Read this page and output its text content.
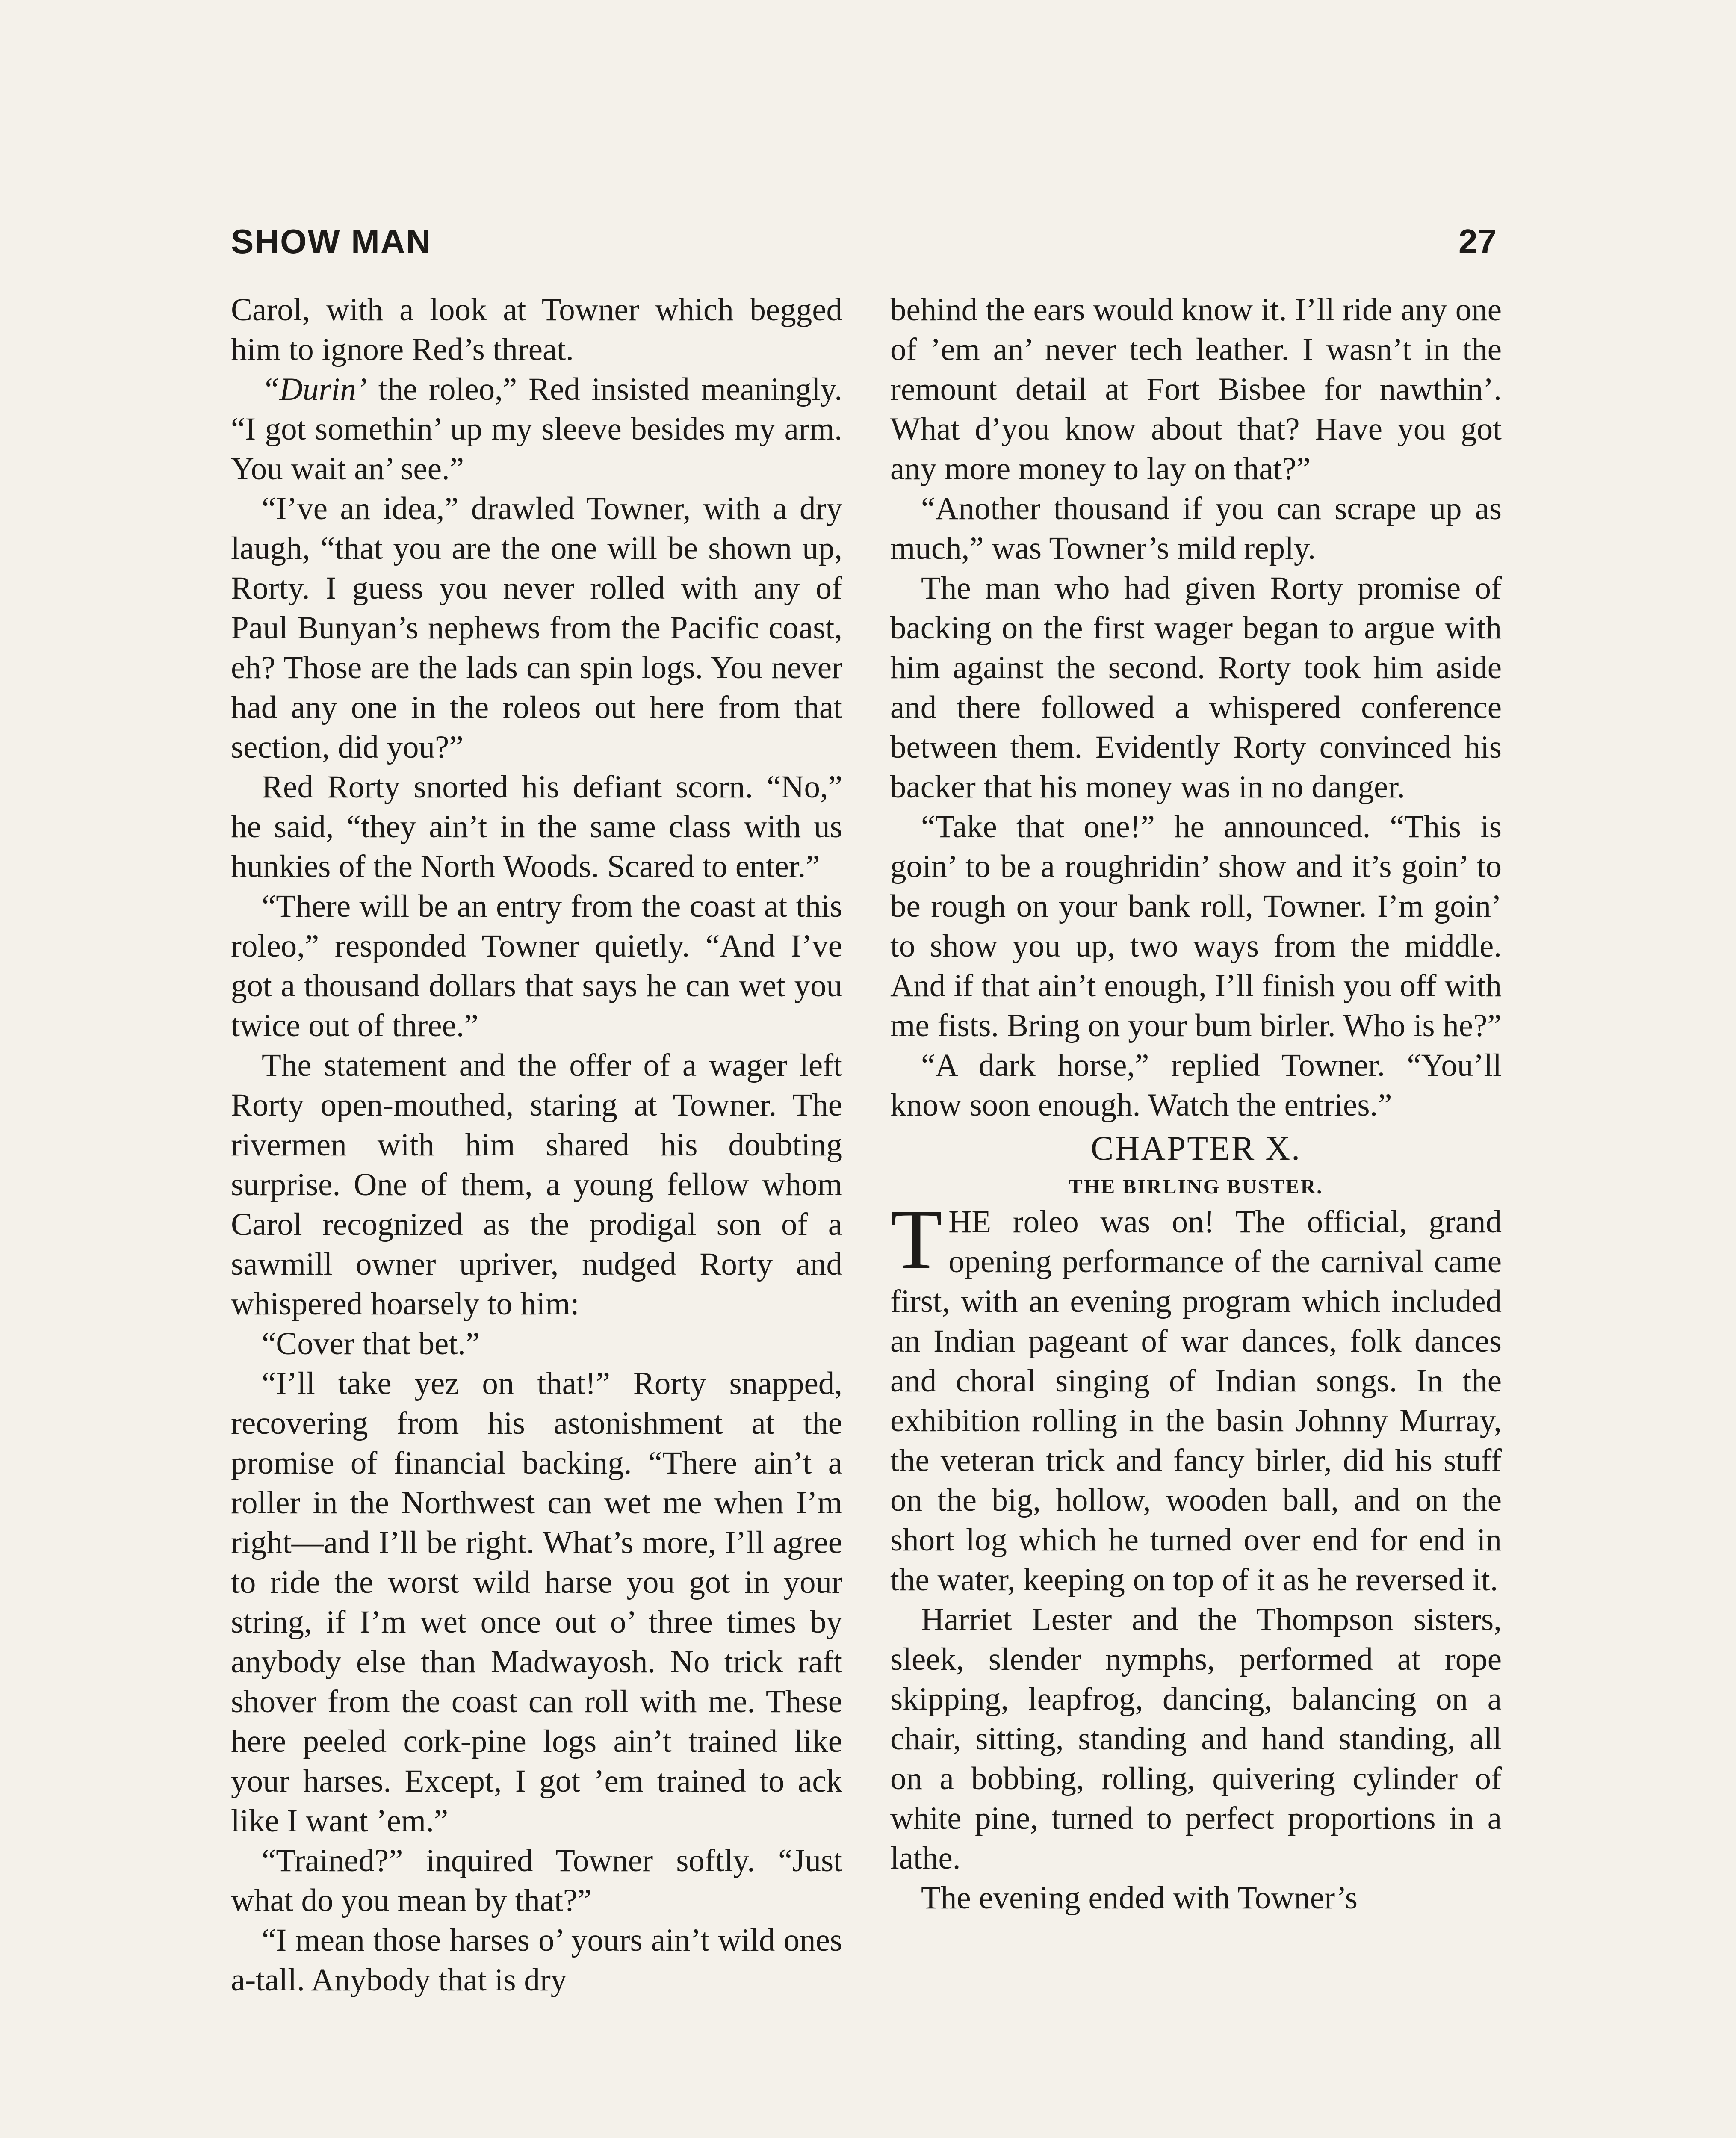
SHOW MAN	27

Carol, with a look at Towner which begged him to ignore Red’s threat.

“Durin’ the roleo,” Red insisted meaningly. “I got somethin’ up my sleeve besides my arm. You wait an’ see.”

“I’ve an idea,” drawled Towner, with a dry laugh, “that you are the one will be shown up, Rorty. I guess you never rolled with any of Paul Bunyan’s nephews from the Pacific coast, eh? Those are the lads can spin logs. You never had any one in the roleos out here from that section, did you?”

Red Rorty snorted his defiant scorn. “No,” he said, “they ain’t in the same class with us hunkies of the North Woods. Scared to enter.”

“There will be an entry from the coast at this roleo,” responded Towner quietly. “And I’ve got a thousand dollars that says he can wet you twice out of three.”

The statement and the offer of a wager left Rorty open-mouthed, staring at Towner. The rivermen with him shared his doubting surprise. One of them, a young fellow whom Carol recognized as the prodigal son of a sawmill owner upriver, nudged Rorty and whispered hoarsely to him:

“Cover that bet.”

“I’ll take yez on that!” Rorty snapped, recovering from his astonishment at the promise of financial backing. “There ain’t a roller in the Northwest can wet me when I’m right—and I’ll be right. What’s more, I’ll agree to ride the worst wild harse you got in your string, if I’m wet once out o’ three times by anybody else than Madwayosh. No trick raft shover from the coast can roll with me. These here peeled cork-pine logs ain’t trained like your harses. Except, I got ’em trained to ack like I want ’em.”

“Trained?” inquired Towner softly. “Just what do you mean by that?”

“I mean those harses o’ yours ain’t wild ones a-tall. Anybody that is dry

behind the ears would know it. I’ll ride any one of ’em an’ never tech leather. I wasn’t in the remount detail at Fort Bisbee for nawthin’. What d’you know about that? Have you got any more money to lay on that?”

“Another thousand if you can scrape up as much,” was Towner’s mild reply.

The man who had given Rorty promise of backing on the first wager began to argue with him against the second. Rorty took him aside and there followed a whispered conference between them. Evidently Rorty convinced his backer that his money was in no danger.

“Take that one!” he announced. “This is goin’ to be a roughridin’ show and it’s goin’ to be rough on your bank roll, Towner. I’m goin’ to show you up, two ways from the middle. And if that ain’t enough, I’ll finish you off with me fists. Bring on your bum birler. Who is he?”

“A dark horse,” replied Towner. “You’ll know soon enough. Watch the entries.”

CHAPTER X.

THE BIRLING BUSTER.

THE roleo was on! The official, grand opening performance of the carnival came first, with an evening program which included an Indian pageant of war dances, folk dances and choral singing of Indian songs. In the exhibition rolling in the basin Johnny Murray, the veteran trick and fancy birler, did his stuff on the big, hollow, wooden ball, and on the short log which he turned over end for end in the water, keeping on top of it as he reversed it.

Harriet Lester and the Thompson sisters, sleek, slender nymphs, performed at rope skipping, leapfrog, dancing, balancing on a chair, sitting, standing and hand standing, all on a bobbing, rolling, quivering cylinder of white pine, turned to perfect proportions in a lathe.

The evening ended with Towner’s
